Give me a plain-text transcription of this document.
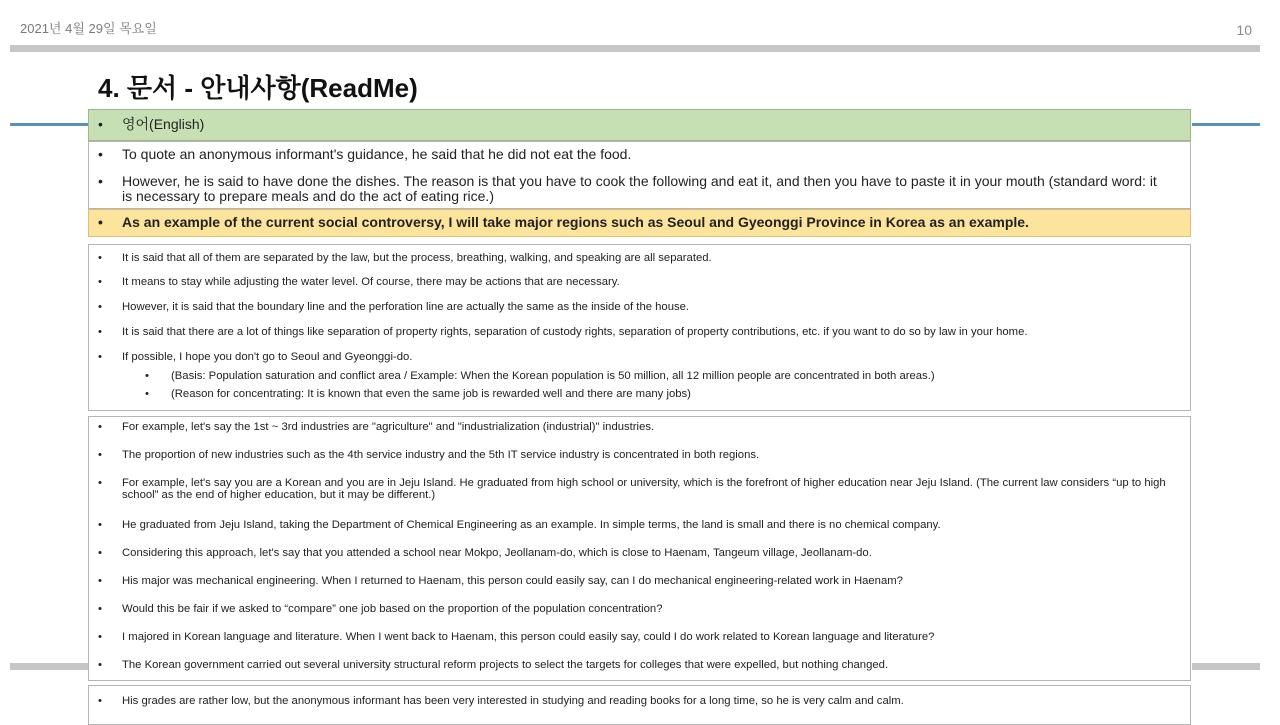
2021년 4월 29일 목요일	10
4. 문서 - 안내사항(ReadMe)
• 영어(English)
• To quote an anonymous informant's guidance, he said that he did not eat the food.
• However, he is said to have done the dishes. The reason is that you have to cook the following and eat it, and then you have to paste it in your mouth (standard word: it is necessary to prepare meals and do the act of eating rice.)
• As an example of the current social controversy, I will take major regions such as Seoul and Gyeonggi Province in Korea as an example.
• It is said that all of them are separated by the law, but the process, breathing, walking, and speaking are all separated.
• It means to stay while adjusting the water level. Of course, there may be actions that are necessary.
• However, it is said that the boundary line and the perforation line are actually the same as the inside of the house.
• It is said that there are a lot of things like separation of property rights, separation of custody rights, separation of property contributions, etc. if you want to do so by law in your home.
• If possible, I hope you don't go to Seoul and Gyeonggi-do.
• (Basis: Population saturation and conflict area / Example: When the Korean population is 50 million, all 12 million people are concentrated in both areas.)
• (Reason for concentrating: It is known that even the same job is rewarded well and there are many jobs)
• For example, let's say the 1st ~ 3rd industries are "agriculture" and "industrialization (industrial)" industries.
• The proportion of new industries such as the 4th service industry and the 5th IT service industry is concentrated in both regions.
• For example, let's say you are a Korean and you are in Jeju Island. He graduated from high school or university, which is the forefront of higher education near Jeju Island. (The current law considers “up to high school” as the end of higher education, but it may be different.)
• He graduated from Jeju Island, taking the Department of Chemical Engineering as an example. In simple terms, the land is small and there is no chemical company.
• Considering this approach, let's say that you attended a school near Mokpo, Jeollanam-do, which is close to Haenam, Tangeum village, Jeollanam-do.
• His major was mechanical engineering. When I returned to Haenam, this person could easily say, can I do mechanical engineering-related work in Haenam?
• Would this be fair if we asked to “compare” one job based on the proportion of the population concentration?
• I majored in Korean language and literature. When I went back to Haenam, this person could easily say, could I do work related to Korean language and literature?
• The Korean government carried out several university structural reform projects to select the targets for colleges that were expelled, but nothing changed.
• His grades are rather low, but the anonymous informant has been very interested in studying and reading books for a long time, so he is very calm and calm.
